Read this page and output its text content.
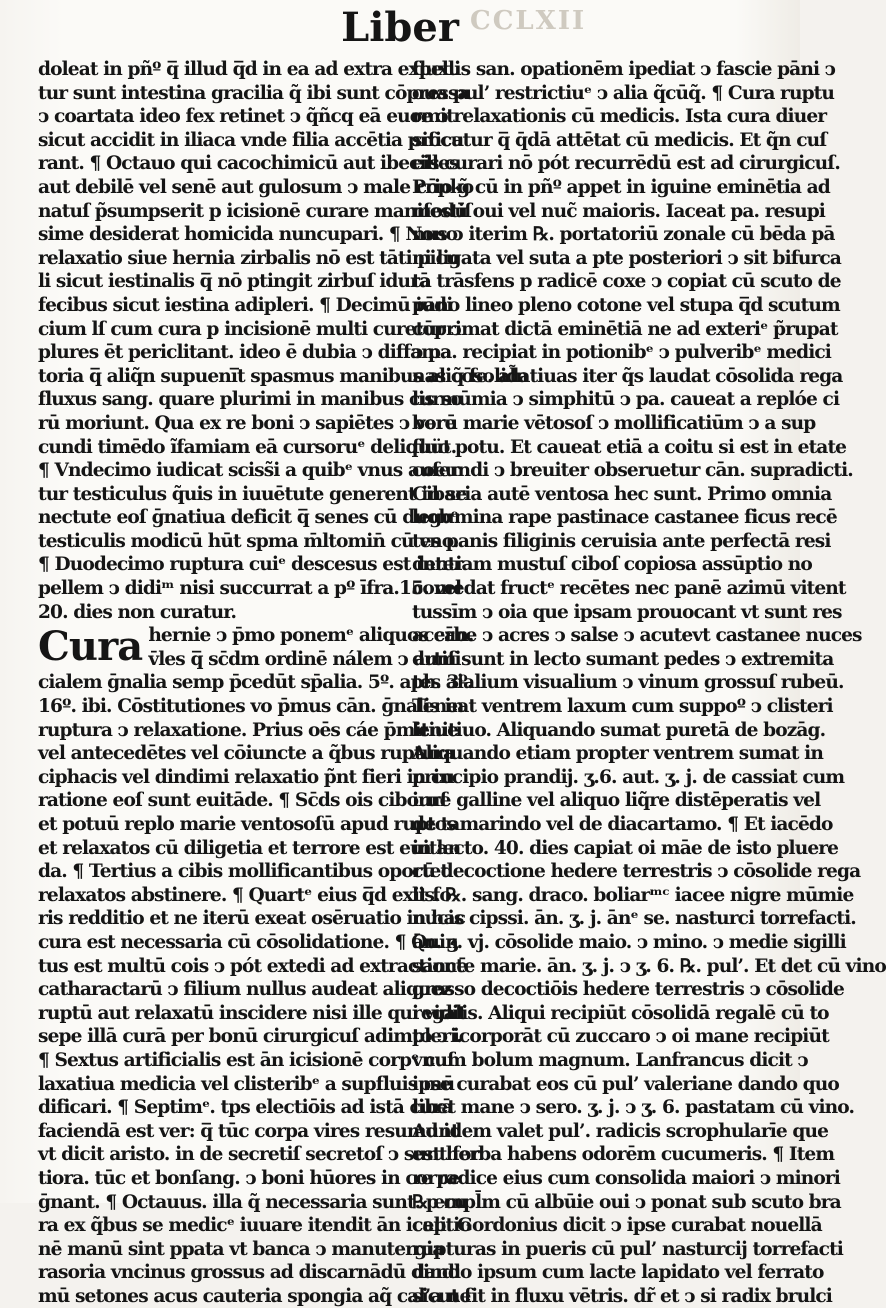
CCLXII
Liber
doleat in pñº q̅ illud q̅d in ea ad extra expelli
tur sunt intestina gracilia q̃ ibi sunt cōpressa
ↄ coartata ideo fex retinet ↄ q̃ñcq eā euomit
sicut accidit in iliaca vnde filia accētia procu
rant. ¶ Octauo qui cacochimicū aut ibecilles
aut debilē vel senē aut gulosum ↄ male cōpko
natuſ p̃sumpserit p icisionē curare manifestiſ
sime desiderat homicida nuncupari. ¶ Nono
relaxatio siue hernia zirbalis nō est tāti picu
li sicut iestinalis q̅ nō ptingit zirbuſ idurā
fecibus sicut iestina adipleri. ¶ Decimū iudi
cium lſ cum cura p incisionē multi curetur ↄ
plures ēt periclitant. ideo ē dubia ↄ diffama
toria q̅ aliq̃n supueni̅t spasmus manibus aliq̃ fe. al̃n
fluxus sang. quare plurimi in manibus curso
rū moriunt. Qua ex re boni ↄ sapiētes ↄ vere
cundi timēdo ĩfamiam eā cursoruᵉ deliquüt.
¶ Vndecimo iudicat sciss̃i a quibᵉ vnus aufer
tur testiculus q̃uis in iuuētute generent in se
nectute eoſ ḡnatiua deficit q̅ senes cū duobᵉ
testiculis modicū hūt spma m̄ltomin̄ cū vno.
¶ Duodecimo ruptura cuiᵉ descesus est inter
pellem ↄ didiᵐ nisi succurrat a pº īfra.15. vel
20. dies non curatur.
Cura hernie ↄ p̄mo ponemᵉ aliquos cān.
v̄les q̅ sc̄dm ordinē nálem ↄ artifi
cialem ḡnalia semp p̄cedūt sp̄alia. 5º. aph. 3º.
16º. ibi. Cōstitutiones vo p̄mus cān. ḡnalis in
ruptura ↄ relaxatione. Prius oēs cáe p̄mitiue
vel antecedētes vel cōiuncte a q̃bus ruptura
ciphacis vel dindimi relaxatio p̃nt fieri in cu
ratione eoſ sunt euitāde. ¶ Sc̄ds ois ciboruſ
et potuū replo marie ventosoſū apud ruptos
et relaxatos cū diligetia et terrore est euitan
da. ¶ Tertius a cibis mollificantibus oportet
relaxatos abstinere. ¶ Quartᵉ eius q̅d exit fo
ris redditio et ne iterū exeat osēruatio in hac
cura est necessaria cū cōsolidatione. ¶ Quin
tus est multū cois ↄ pót extedi ad extractionē
catharactarū ↄ filium nullus audeat aliquez
ruptū aut relaxatū inscidere nisi ille qui vidit
sepe illā curā per bonū cirurgicuſ adimpleri.
¶ Sextus artificialis est ān icisionē corpᵉ cuſ
laxatiua medicia vel clisteribᵉ a supfluis mū
dificari. ¶ Septimᵉ. tps electiōis ad istā curā
faciendā est ver: q̅ tūc corpa vires resumunt
vt dicit aristo. in de secretiſ secretoſ ↄ sunt for
tiora. tūc et bonſang. ↄ boni hūores in corpe
ḡnant. ¶ Octauus. illa q̃ necessaria sunt. p cu
ra ex q̃bus se medicᵉ iuuare itendit ān iceptio
nē manū sint ppata vt banca ↄ manutergia
rasoria vncinus grossus ad discarnādū dindi
mū setones acus cauteria spongia aq̃ cal’a ne
fluxus san. opationēm ipediat ↄ fascie pāni ↄ
oua pul’ restrictiuᵉ ↄ alia q̃cūq̃. ¶ Cura ruptu
re ↄ relaxationis cū medicis. Ista cura diuer
sificatur q̅ q̄dā attētat cū medicis. Et q̃n cuſ
eis curari nō pót recurrēdū est ad cirurgicuſ.
Prio g̃ cū in pñº appet in iguine eminētia ad
modū oui vel nuc̃ maioris. Iaceat pa. resupi
nus ↄ iterim ℞. portatoriū zonale cū bēda pā
ni ligata vel suta a pte posteriori ↄ sit bifurca
ta trāsfens p radicē coxe ↄ copiat cū scuto de
pāno lineo pleno cotone vel stupa q̅d scutum
cōprimat dictā eminētiā ne ad exteriᵉ p̃rupat
ↄ pa. recipiat in potionibᵉ ↄ pulveribᵉ medici
nas cōsolidatiuas iter q̃s laudat cōsolida rega
lis mūmia ↄ simphitū ↄ pa. caueat a replóe ci
borū marie vētosoſ ↄ mollificatiūm ↄ a sup
fluo potu. Et caueat etiā a coitu si est in etate
coeundi ↄ breuiter obseruetur cān. supradicti.
Cibaria autē ventosa hec sunt. Primo omnia
legumina rape pastinace castanee ficus recē
tes panis filiginis ceruisia ante perfectā resi
dentiam mustuſ ciboſ copiosa assūptio no
comedat fructᵉ recētes nec panē azimū vitent
tussīm ↄ oia que ipsam prouocant vt sunt res
acerbe ↄ acres ↄ salse ↄ acutevt castanee nuces
dum sunt in lecto sumant pedes ↄ extremita
tes aialium visualium ↄ vinum grossuſ rubeū.
Teneat ventrem laxum cum suppoº ↄ clisteri
lenitiuo. Aliquando sumat puretā de bozāg.
Aliquando etiam propter ventrem sumat in
principio prandij. ʒ.6. aut. ʒ. j. de cassiat cum
iure galline vel aliquo liq̃re distēperatis vel
de tamarindo vel de diacartamo. ¶ Et iacēdo
in lecto. 40. dies capiat oi māe de isto pluere
cū decoctione hedere terrestris ↄ cōsolide rega
lis. ℞. sang. draco. boliarᵐᶜ iacee nigre mūmie
nucis cipssi. ān. ʒ. j. ānᵉ se. nasturci torrefacti.
ān. ʒ. vj. cōsolide maio. ↄ mino. ↄ medie sigilli
sancte marie. ān. ʒ. j. ↄ ʒ. 6. ℞. pul’. Et det cū vino
grosso decoctiōis hedere terrestris ↄ cōsolide
regalis. Aliqui recipiūt cōsolidā regalē cū to
to ↄ icorporāt cū zuccaro ↄ oi mane recipiūt
vnum bolum magnum. Lanfrancus dicit ↄ
ipse curabat eos cū pul’ valeriane dando quo
libet mane ↄ sero. ʒ. j. ↄ ʒ. 6. pastatam cū vino.
Ad idem valet pul’. radicis scrophularīe que
est herba habens odorēm cucumeris. ¶ Item
re radice eius cum consolida maiori ↄ minori
℞ empl̄m cū albūie oui ↄ ponat sub scuto bra
cali. Gordonius dicit ↄ ipse curabat nouellā
rupturas in pueris cū pul’ nasturcij torrefacti
dando ipsum cum lacte lapidato vel ferrato
sicut fit in fluxu vētris. dr̃ et ↄ si radix brulci
